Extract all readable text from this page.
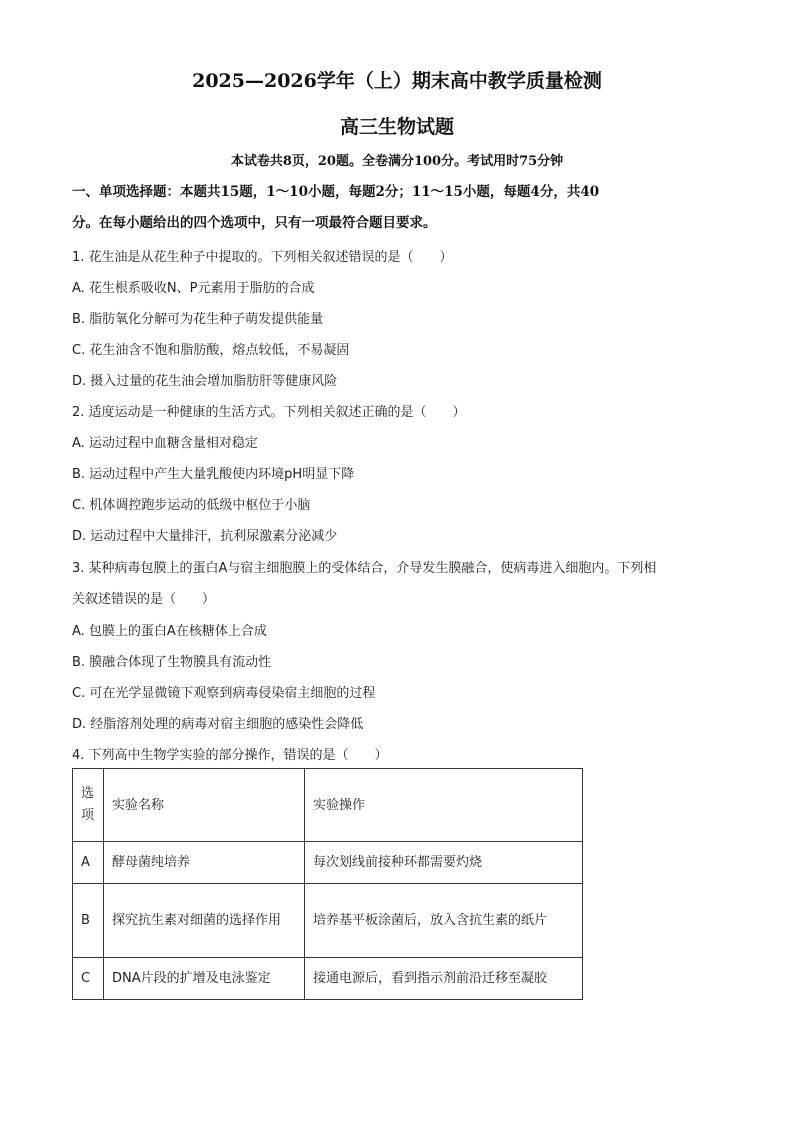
2025—2026学年（上）期末高中教学质量检测
高三生物试题
本试卷共8页，20题。全卷满分100分。考试用时75分钟
一、单项选择题：本题共15题，1～10小题，每题2分；11～15小题，每题4分，共40
分。在每小题给出的四个选项中，只有一项最符合题目要求。
1. 花生油是从花生种子中提取的。下列相关叙述错误的是（　　）
A. 花生根系吸收N、P元素用于脂肪的合成
B. 脂肪氧化分解可为花生种子萌发提供能量
C. 花生油含不饱和脂肪酸，熔点较低，不易凝固
D. 摄入过量的花生油会增加脂肪肝等健康风险
2. 适度运动是一种健康的生活方式。下列相关叙述正确的是（　　）
A. 运动过程中血糖含量相对稳定
B. 运动过程中产生大量乳酸使内环境pH明显下降
C. 机体调控跑步运动的低级中枢位于小脑
D. 运动过程中大量排汗，抗利尿激素分泌减少
3. 某种病毒包膜上的蛋白A与宿主细胞膜上的受体结合，介导发生膜融合，使病毒进入细胞内。下列相
关叙述错误的是（　　）
A. 包膜上的蛋白A在核糖体上合成
B. 膜融合体现了生物膜具有流动性
C. 可在光学显微镜下观察到病毒侵染宿主细胞的过程
D. 经脂溶剂处理的病毒对宿主细胞的感染性会降低
4. 下列高中生物学实验的部分操作，错误的是（　　）
选项	实验名称	实验操作
A	酵母菌纯培养	每次划线前接种环都需要灼烧
B	探究抗生素对细菌的选择作用	培养基平板涂菌后，放入含抗生素的纸片
C	DNA片段的扩增及电泳鉴定	接通电源后，看到指示剂前沿迁移至凝胶
